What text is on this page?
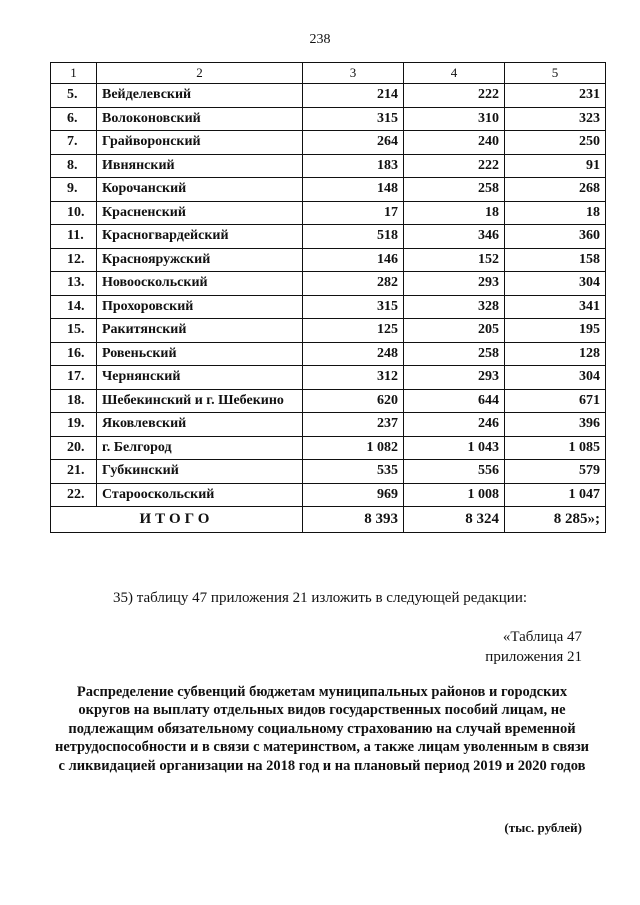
238
1	2	3	4	5
5.	Вейделевский	214	222	231
6.	Волоконовский	315	310	323
7.	Грайворонский	264	240	250
8.	Ивнянский	183	222	91
9.	Корочанский	148	258	268
10.	Красненский	17	18	18
11.	Красногвардейский	518	346	360
12.	Краснояружский	146	152	158
13.	Новооскольский	282	293	304
14.	Прохоровский	315	328	341
15.	Ракитянский	125	205	195
16.	Ровеньский	248	258	128
17.	Чернянский	312	293	304
18.	Шебекинский и г. Шебекино	620	644	671
19.	Яковлевский	237	246	396
20.	г. Белгород	1 082	1 043	1 085
21.	Губкинский	535	556	579
22.	Старооскольский	969	1 008	1 047
ИТОГО		8 393	8 324	8 285»;
35) таблицу 47 приложения 21 изложить в следующей редакции:
«Таблица 47
приложения 21
Распределение субвенций бюджетам муниципальных районов и городских округов на выплату отдельных видов государственных пособий лицам, не подлежащим обязательному социальному страхованию на случай временной нетрудоспособности и в связи с материнством, а также лицам уволенным в связи с ликвидацией организации на 2018 год и на плановый период 2019 и 2020 годов
(тыс. рублей)
